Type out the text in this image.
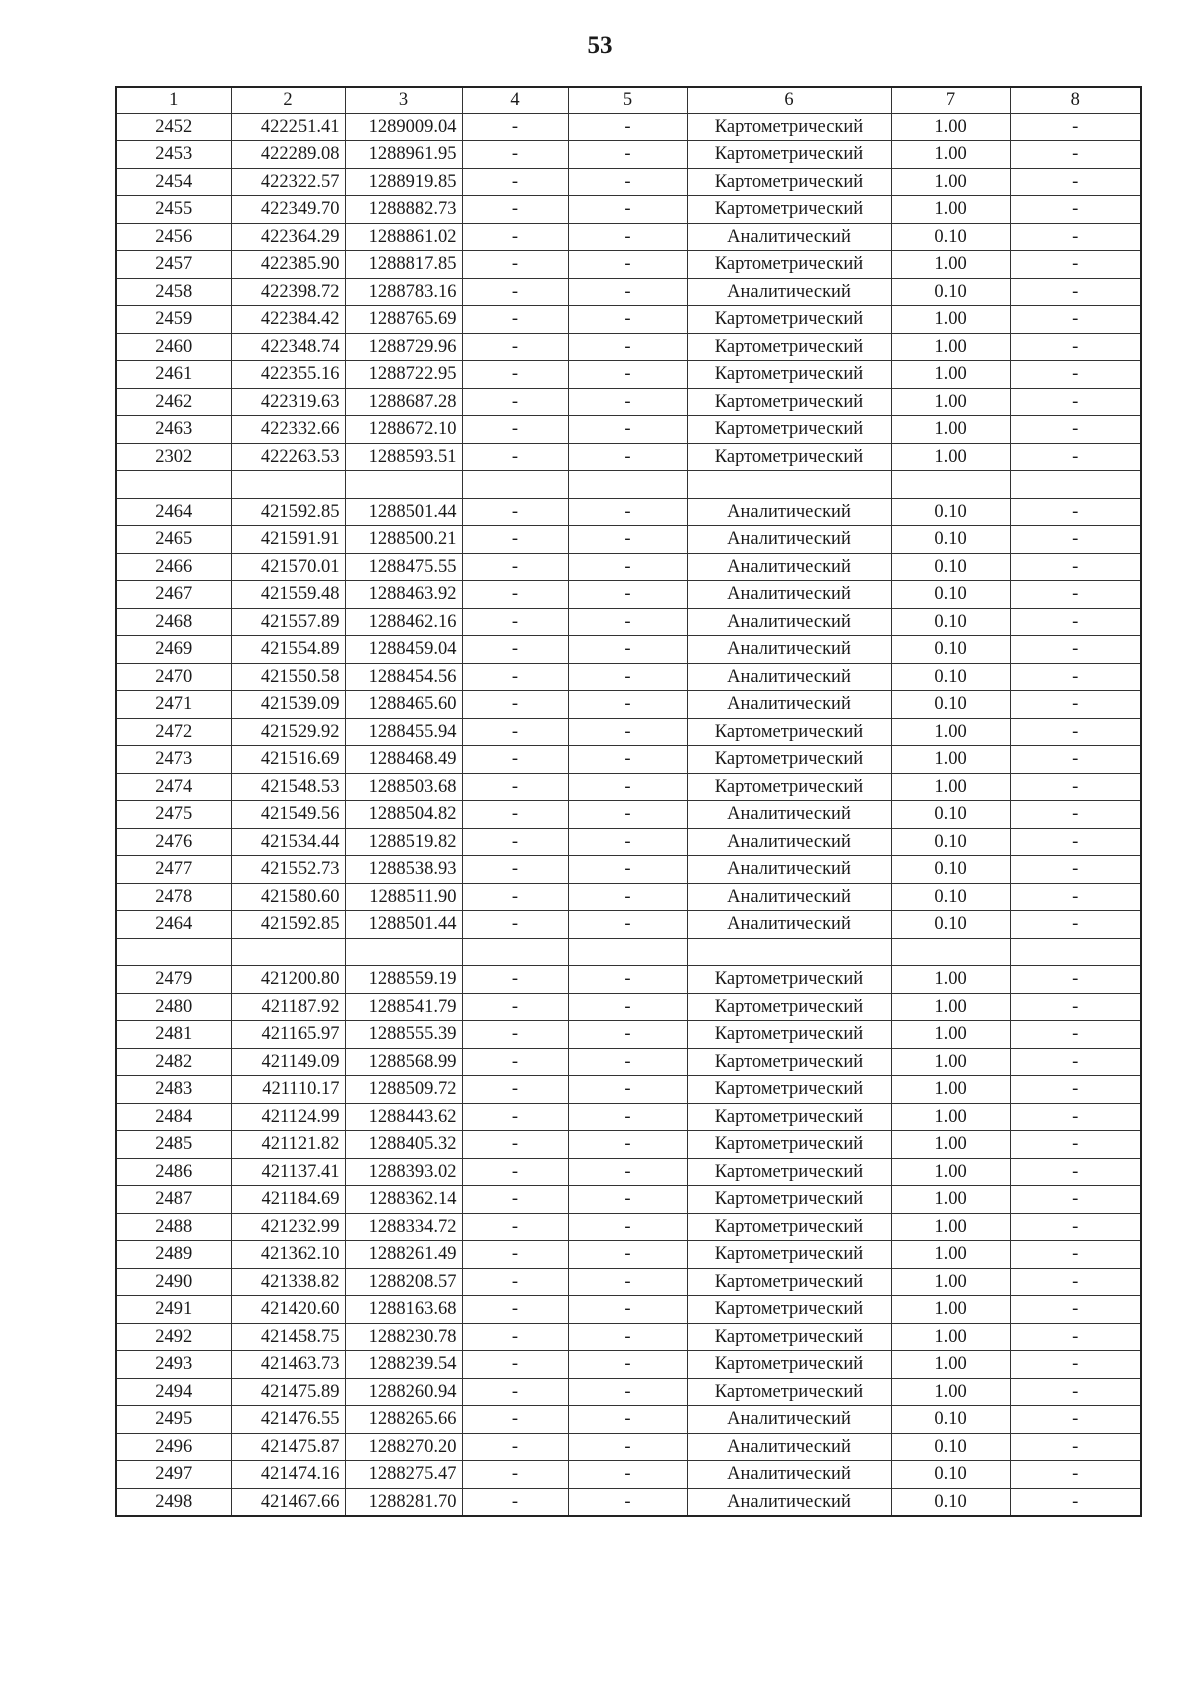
53
1	2	3	4	5	6	7	8
2452	422251.41	1289009.04	-	-	Картометрический	1.00	-
2453	422289.08	1288961.95	-	-	Картометрический	1.00	-
2454	422322.57	1288919.85	-	-	Картометрический	1.00	-
2455	422349.70	1288882.73	-	-	Картометрический	1.00	-
2456	422364.29	1288861.02	-	-	Аналитический	0.10	-
2457	422385.90	1288817.85	-	-	Картометрический	1.00	-
2458	422398.72	1288783.16	-	-	Аналитический	0.10	-
2459	422384.42	1288765.69	-	-	Картометрический	1.00	-
2460	422348.74	1288729.96	-	-	Картометрический	1.00	-
2461	422355.16	1288722.95	-	-	Картометрический	1.00	-
2462	422319.63	1288687.28	-	-	Картометрический	1.00	-
2463	422332.66	1288672.10	-	-	Картометрический	1.00	-
2302	422263.53	1288593.51	-	-	Картометрический	1.00	-

2464	421592.85	1288501.44	-	-	Аналитический	0.10	-
2465	421591.91	1288500.21	-	-	Аналитический	0.10	-
2466	421570.01	1288475.55	-	-	Аналитический	0.10	-
2467	421559.48	1288463.92	-	-	Аналитический	0.10	-
2468	421557.89	1288462.16	-	-	Аналитический	0.10	-
2469	421554.89	1288459.04	-	-	Аналитический	0.10	-
2470	421550.58	1288454.56	-	-	Аналитический	0.10	-
2471	421539.09	1288465.60	-	-	Аналитический	0.10	-
2472	421529.92	1288455.94	-	-	Картометрический	1.00	-
2473	421516.69	1288468.49	-	-	Картометрический	1.00	-
2474	421548.53	1288503.68	-	-	Картометрический	1.00	-
2475	421549.56	1288504.82	-	-	Аналитический	0.10	-
2476	421534.44	1288519.82	-	-	Аналитический	0.10	-
2477	421552.73	1288538.93	-	-	Аналитический	0.10	-
2478	421580.60	1288511.90	-	-	Аналитический	0.10	-
2464	421592.85	1288501.44	-	-	Аналитический	0.10	-

2479	421200.80	1288559.19	-	-	Картометрический	1.00	-
2480	421187.92	1288541.79	-	-	Картометрический	1.00	-
2481	421165.97	1288555.39	-	-	Картометрический	1.00	-
2482	421149.09	1288568.99	-	-	Картометрический	1.00	-
2483	421110.17	1288509.72	-	-	Картометрический	1.00	-
2484	421124.99	1288443.62	-	-	Картометрический	1.00	-
2485	421121.82	1288405.32	-	-	Картометрический	1.00	-
2486	421137.41	1288393.02	-	-	Картометрический	1.00	-
2487	421184.69	1288362.14	-	-	Картометрический	1.00	-
2488	421232.99	1288334.72	-	-	Картометрический	1.00	-
2489	421362.10	1288261.49	-	-	Картометрический	1.00	-
2490	421338.82	1288208.57	-	-	Картометрический	1.00	-
2491	421420.60	1288163.68	-	-	Картометрический	1.00	-
2492	421458.75	1288230.78	-	-	Картометрический	1.00	-
2493	421463.73	1288239.54	-	-	Картометрический	1.00	-
2494	421475.89	1288260.94	-	-	Картометрический	1.00	-
2495	421476.55	1288265.66	-	-	Аналитический	0.10	-
2496	421475.87	1288270.20	-	-	Аналитический	0.10	-
2497	421474.16	1288275.47	-	-	Аналитический	0.10	-
2498	421467.66	1288281.70	-	-	Аналитический	0.10	-
